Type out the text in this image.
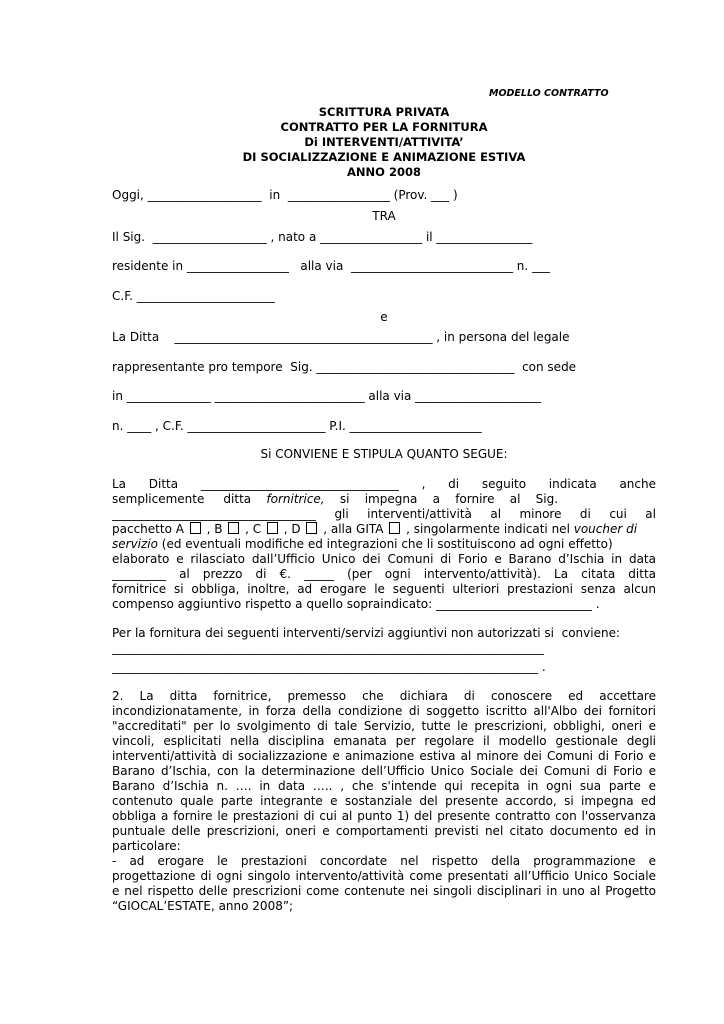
MODELLO CONTRATTO
SCRITTURA PRIVATA
CONTRATTO PER LA FORNITURA
Di INTERVENTI/ATTIVITA’
DI SOCIALIZZAZIONE E ANIMAZIONE ESTIVA
ANNO 2008
Oggi, ___________________  in  _________________ (Prov. ___ )
TRA
Il Sig.  ___________________ , nato a _________________ il ________________
residente in _________________   alla via  ___________________________ n. ___
C.F. _______________________
e
La Ditta    ___________________________________________ , in persona del legale
rappresentante pro tempore  Sig. _________________________________  con sede
in ______________ _________________________ alla via _____________________
n. ____ , C.F. _______________________ P.I. ______________________
Si CONVIENE E STIPULA QUANTO SEGUE:
La Ditta _________________________________ , di seguito indicata anche
semplicemente     ditta    fornitrice,    si    impegna    a    fornire    al    Sig.
__________________________________ gli interventi/attività al minore di cui al
pacchetto A  , B  , C  , D  , alla GITA  , singolarmente indicati nel voucher di
servizio (ed eventuali modifiche ed integrazioni che li sostituiscono ad ogni effetto)
elaborato e rilasciato dall’Ufficio Unico dei Comuni di Forio e Barano d’Ischia in data
_________ al prezzo di €. _____ (per ogni intervento/attività). La citata ditta
fornitrice si obbliga, inoltre, ad erogare le seguenti ulteriori prestazioni senza alcun
compenso aggiuntivo rispetto a quello sopraindicato: __________________________ .
Per la fornitura dei seguenti interventi/servizi aggiuntivi non autorizzati si  conviene:
________________________________________________________________________
_______________________________________________________________________ .
2. La ditta fornitrice, premesso che dichiara di conoscere ed accettare
incondizionatamente, in forza della condizione di soggetto iscritto all'Albo dei fornitori
"accreditati" per lo svolgimento di tale Servizio, tutte le prescrizioni, obblighi, oneri e
vincoli, esplicitati nella disciplina emanata per regolare il modello gestionale degli
interventi/attività di socializzazione e animazione estiva al minore dei Comuni di Forio e
Barano d’Ischia, con la determinazione dell’Ufficio Unico Sociale dei Comuni di Forio e
Barano d’Ischia n. …. in data ….. , che s'intende qui recepita in ogni sua parte e
contenuto quale parte integrante e sostanziale del presente accordo, si impegna ed
obbliga a fornire le prestazioni di cui al punto 1) del presente contratto con l'osservanza
puntuale delle prescrizioni, oneri e comportamenti previsti nel citato documento ed in
particolare:
- ad erogare le prestazioni concordate nel rispetto della programmazione e
progettazione di ogni singolo intervento/attività come presentati all’Ufficio Unico Sociale
e nel rispetto delle prescrizioni come contenute nei singoli disciplinari in uno al Progetto
“GIOCAL’ESTATE, anno 2008”;
